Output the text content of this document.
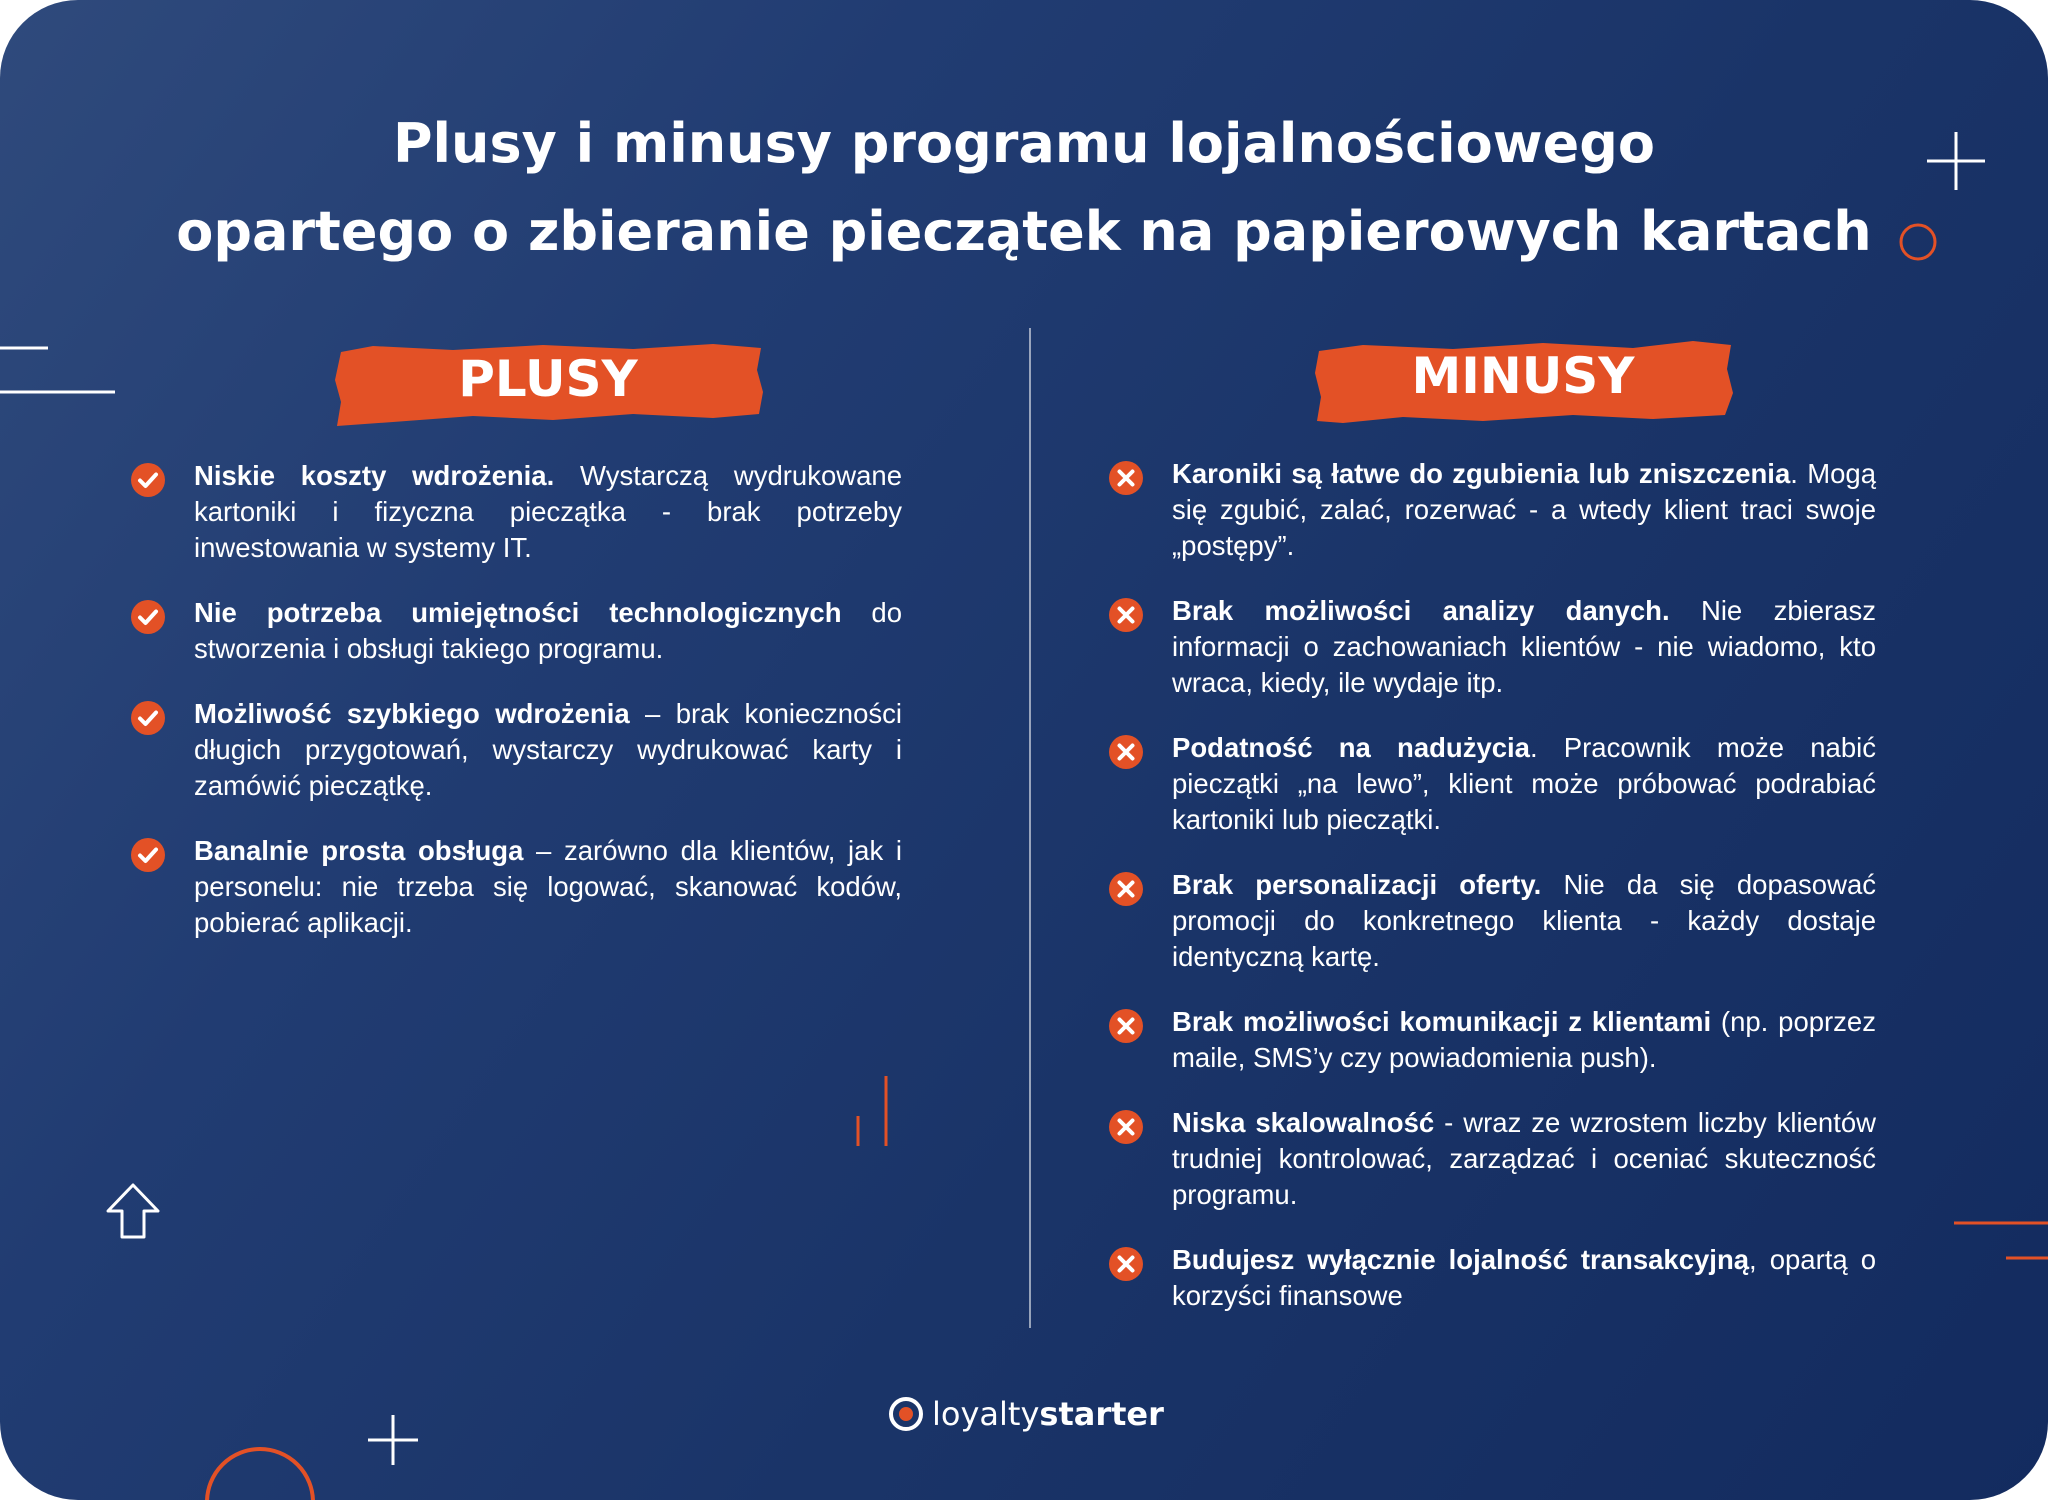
Plusy i minusy programu lojalnościowego
opartego o zbieranie pieczątek na papierowych kartach
PLUSY	MINUSY
Niskie koszty wdrożenia. Wystarczą wydrukowane kartoniki i fizyczna pieczątka - brak potrzeby inwestowania w systemy IT.
Nie potrzeba umiejętności technologicznych do stworzenia i obsługi takiego programu.
Możliwość szybkiego wdrożenia – brak konieczności długich przygotowań, wystarczy wydrukować karty i zamówić pieczątkę.
Banalnie prosta obsługa – zarówno dla klientów, jak i personelu: nie trzeba się logować, skanować kodów, pobierać aplikacji.
Karoniki są łatwe do zgubienia lub zniszczenia. Mogą się zgubić, zalać, rozerwać - a wtedy klient traci swoje „postępy”.
Brak możliwości analizy danych. Nie zbierasz informacji o zachowaniach klientów - nie wiadomo, kto wraca, kiedy, ile wydaje itp.
Podatność na nadużycia. Pracownik może nabić pieczątki „na lewo”, klient może próbować podrabiać kartoniki lub pieczątki.
Brak personalizacji oferty. Nie da się dopasować promocji do konkretnego klienta - każdy dostaje identyczną kartę.
Brak możliwości komunikacji z klientami (np. poprzez maile, SMS’y czy powiadomienia push).
Niska skalowalność - wraz ze wzrostem liczby klientów trudniej kontrolować, zarządzać i oceniać skuteczność programu.
Budujesz wyłącznie lojalność transakcyjną, opartą o korzyści finansowe
loyaltystarter
